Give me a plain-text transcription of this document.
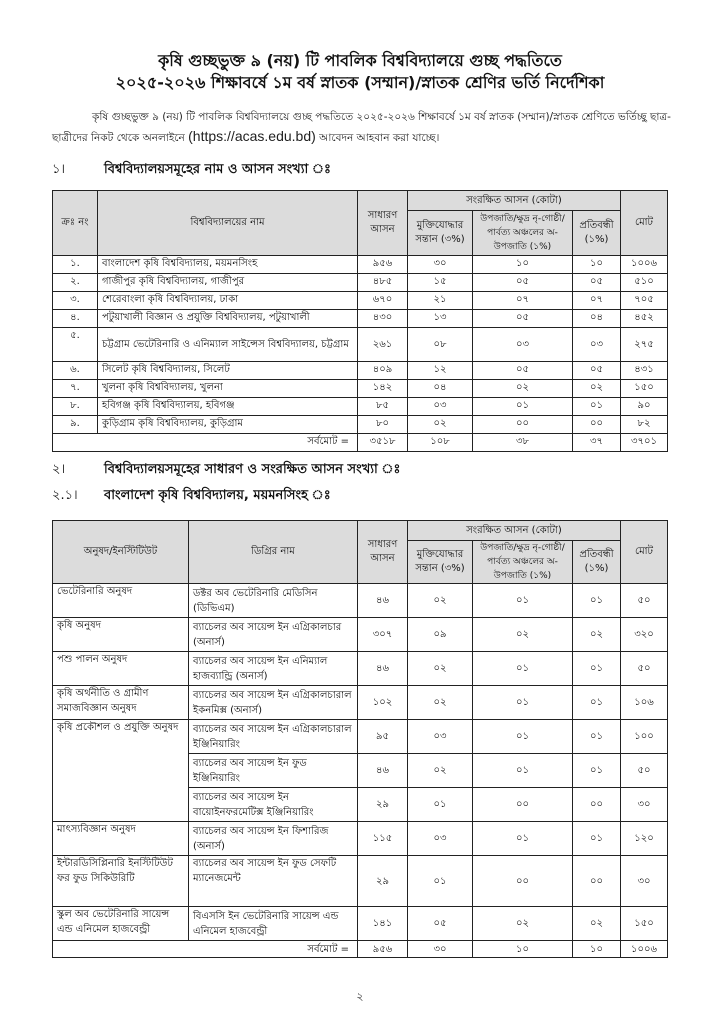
কৃষি গুচ্ছভুক্ত ৯ (নয়) টি পাবলিক বিশ্ববিদ্যালয়ে গুচ্ছ পদ্ধতিতে
২০২৫-২০২৬ শিক্ষাবর্ষে ১ম বর্ষ স্নাতক (সম্মান)/স্নাতক শ্রেণির ভর্তি নির্দেশিকা
কৃষি গুচ্ছভুক্ত ৯ (নয়) টি পাবলিক বিশ্ববিদ্যালয়ে গুচ্ছ পদ্ধতিতে ২০২৫-২০২৬ শিক্ষাবর্ষে ১ম বর্ষ স্নাতক (সম্মান)/স্নাতক শ্রেণিতে ভর্তিচ্ছু ছাত্র-ছাত্রীদের নিকট থেকে অনলাইনে (https://acas.edu.bd) আবেদন আহবান করা যাচ্ছে।
১।	বিশ্ববিদ্যালয়সমূহের নাম ও আসন সংখ্যা ঃ
ক্রঃ নং	বিশ্ববিদ্যালয়ের নাম	সাধারণ আসন	সংরক্ষিত আসন (কোটা)			মোট
			মুক্তিযোদ্ধার সন্তান (৩%)	উপজাতি/ক্ষুদ্র নৃ-গোষ্ঠী/ পার্বত্য অঞ্চলের অ-উপজাতি (১%)	প্রতিবন্ধী (১%)	
১.	বাংলাদেশ কৃষি বিশ্ববিদ্যালয়, ময়মনসিংহ	৯৫৬	৩০	১০	১০	১০০৬
২.	গাজীপুর কৃষি বিশ্ববিদ্যালয়, গাজীপুর	৪৮৫	১৫	০৫	০৫	৫১০
৩.	শেরেবাংলা কৃষি বিশ্ববিদ্যালয়, ঢাকা	৬৭০	২১	০৭	০৭	৭০৫
৪.	পটুয়াখালী বিজ্ঞান ও প্রযুক্তি বিশ্ববিদ্যালয়, পটুয়াখালী	৪৩০	১৩	০৫	০৪	৪৫২
৫.	চট্টগ্রাম ভেটেরিনারি ও এনিম্যাল সাইন্সেস বিশ্ববিদ্যালয়, চট্টগ্রাম	২৬১	০৮	০৩	০৩	২৭৫
৬.	সিলেট কৃষি বিশ্ববিদ্যালয়, সিলেট	৪০৯	১২	০৫	০৫	৪৩১
৭.	খুলনা কৃষি বিশ্ববিদ্যালয়, খুলনা	১৪২	০৪	০২	০২	১৫০
৮.	হবিগঞ্জ কৃষি বিশ্ববিদ্যালয়, হবিগঞ্জ	৮৫	০৩	০১	০১	৯০
৯.	কুড়িগ্রাম কৃষি বিশ্ববিদ্যালয়, কুড়িগ্রাম	৮০	০২	০০	০০	৮২
সর্বমোট =		৩৫১৮	১০৮	৩৮	৩৭	৩৭০১
২।	বিশ্ববিদ্যালয়সমূহের সাধারণ ও সংরক্ষিত আসন সংখ্যা ঃ
২.১। বাংলাদেশ কৃষি বিশ্ববিদ্যালয়, ময়মনসিংহ ঃ
অনুষদ/ইনস্টিটিউট	ডিগ্রির নাম	সাধারণ আসন	সংরক্ষিত আসন (কোটা)			মোট
			মুক্তিযোদ্ধার সন্তান (৩%)	উপজাতি/ক্ষুদ্র নৃ-গোষ্ঠী/ পার্বত্য অঞ্চলের অ-উপজাতি (১%)	প্রতিবন্ধী (১%)	
ভেটেরিনারি অনুষদ	ডক্টর অব ভেটেরিনারি মেডিসিন (ডিভিএম)	৪৬	০২	০১	০১	৫০
কৃষি অনুষদ	ব্যাচেলর অব সায়েন্স ইন এগ্রিকালচার (অনার্স)	৩০৭	০৯	০২	০২	৩২০
পশু পালন অনুষদ	ব্যাচেলর অব সায়েন্স ইন এনিম্যাল হাজব্যান্ড্রি (অনার্স)	৪৬	০২	০১	০১	৫০
কৃষি অর্থনীতি ও গ্রামীণ সমাজবিজ্ঞান অনুষদ	ব্যাচেলর অব সায়েন্স ইন এগ্রিকালচারাল ইকনমিক্স (অনার্স)	১০২	০২	০১	০১	১০৬
কৃষি প্রকৌশল ও প্রযুক্তি অনুষদ	ব্যাচেলর অব সায়েন্স ইন এগ্রিকালচারাল ইঞ্জিনিয়ারিং	৯৫	০৩	০১	০১	১০০
	ব্যাচেলর অব সায়েন্স ইন ফুড ইঞ্জিনিয়ারিং	৪৬	০২	০১	০১	৫০
	ব্যাচেলর অব সায়েন্স ইন বায়োইনফরমেটিক্স ইঞ্জিনিয়ারিং	২৯	০১	০০	০০	৩০
মাৎস্যবিজ্ঞান অনুষদ	ব্যাচেলর অব সায়েন্স ইন ফিশারিজ (অনার্স)	১১৫	০৩	০১	০১	১২০
ইন্টারডিসিপ্লিনারি ইনস্টিটিউট ফর ফুড সিকিউরিটি	ব্যাচেলর অব সায়েন্স ইন ফুড সেফটি ম্যানেজমেন্ট	২৯	০১	০০	০০	৩০
স্কুল অব ভেটেরিনারি সায়েন্স এন্ড এনিমেল হাজবেন্ড্রী	বিএসসি ইন ভেটেরিনারি সায়েন্স এন্ড এনিমেল হাজবেন্ড্রী	১৪১	০৫	০২	০২	১৫০
সর্বমোট =		৯৫৬	৩০	১০	১০	১০০৬
২
